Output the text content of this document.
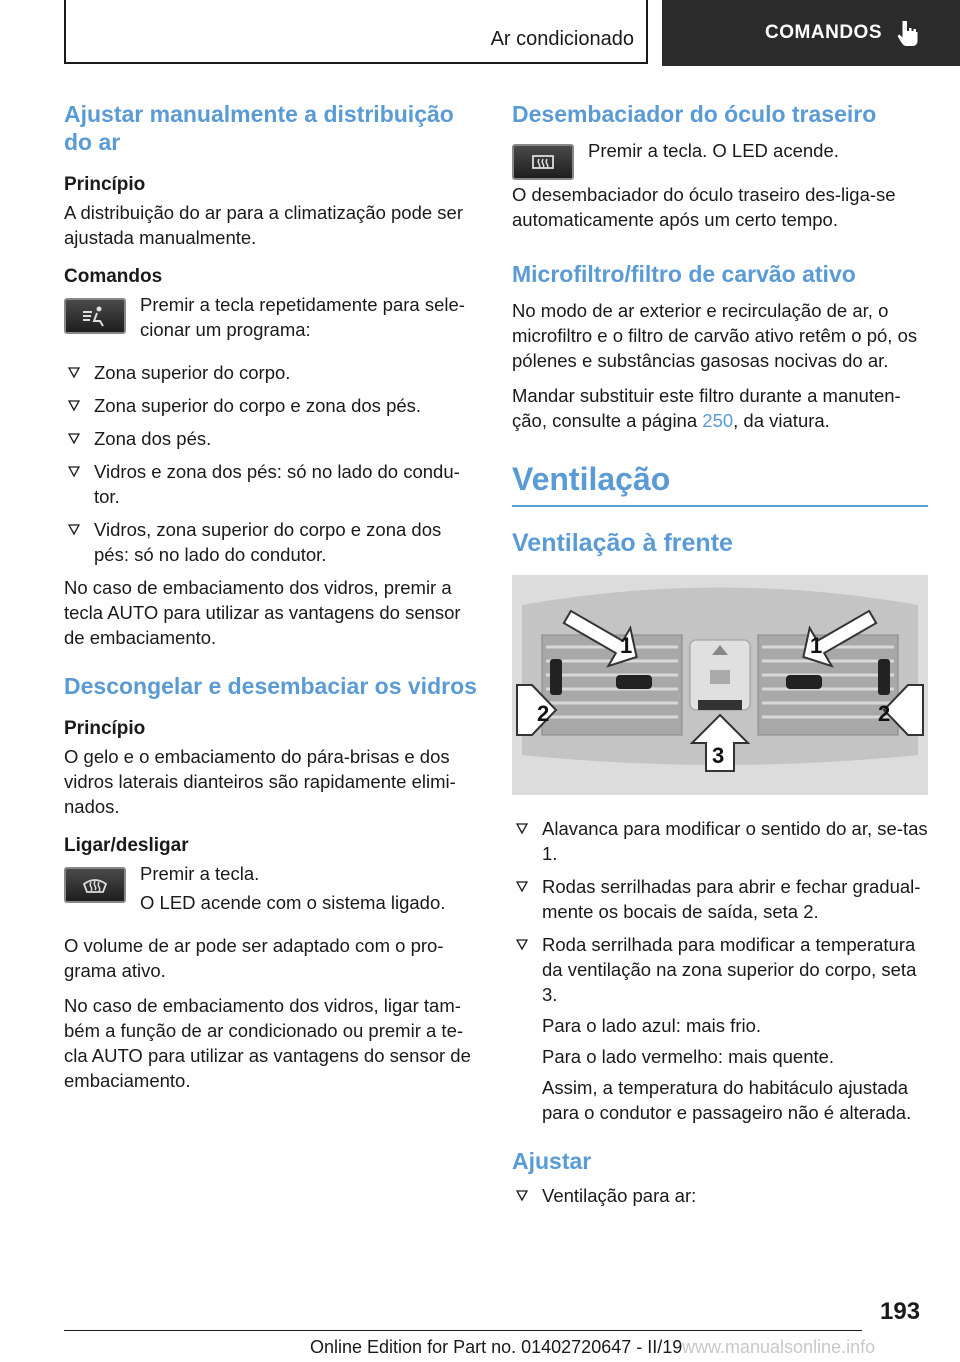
Ar condicionado	COMANDOS
Ajustar manualmente a distribuição do ar
Princípio

A distribuição do ar para a climatização pode ser ajustada manualmente.

Comandos

Premir a tecla repetidamente para sele-cionar um programa:

Zona superior do corpo.
Zona superior do corpo e zona dos pés.
Zona dos pés.
Vidros e zona dos pés: só no lado do condu-tor.
Vidros, zona superior do corpo e zona dos pés: só no lado do condutor.

No caso de embaciamento dos vidros, premir a tecla AUTO para utilizar as vantagens do sensor de embaciamento.

Descongelar e desembaciar os vidros
Princípio

O gelo e o embaciamento do pára-brisas e dos vidros laterais dianteiros são rapidamente elimi-nados.

Ligar/desligar

Premir a tecla.

O LED acende com o sistema ligado.

O volume de ar pode ser adaptado com o pro-grama ativo.

No caso de embaciamento dos vidros, ligar tam-bém a função de ar condicionado ou premir a te-cla AUTO para utilizar as vantagens do sensor de embaciamento.

Desembaciador do óculo traseiro

Premir a tecla. O LED acende.

O desembaciador do óculo traseiro des-liga-se automaticamente após um certo tempo.

Microfiltro/filtro de carvão ativo

No modo de ar exterior e recirculação de ar, o microfiltro e o filtro de carvão ativo retêm o pó, os pólenes e substâncias gasosas nocivas do ar.

Mandar substituir este filtro durante a manuten-ção, consulte a página 250, da viatura.

Ventilação
Ventilação à frente
1	1
2	2
3
Alavanca para modificar o sentido do ar, se-tas 1.
Rodas serrilhadas para abrir e fechar gradual-mente os bocais de saída, seta 2.
Roda serrilhada para modificar a temperatura da ventilação na zona superior do corpo, seta 3.
Para o lado azul: mais frio.
Para o lado vermelho: mais quente.
Assim, a temperatura do habitáculo ajustada para o condutor e passageiro não é alterada.
Ajustar
Ventilação para ar:
193
Online Edition for Part no. 01402720647 - II/19 www.manualsonline.info
